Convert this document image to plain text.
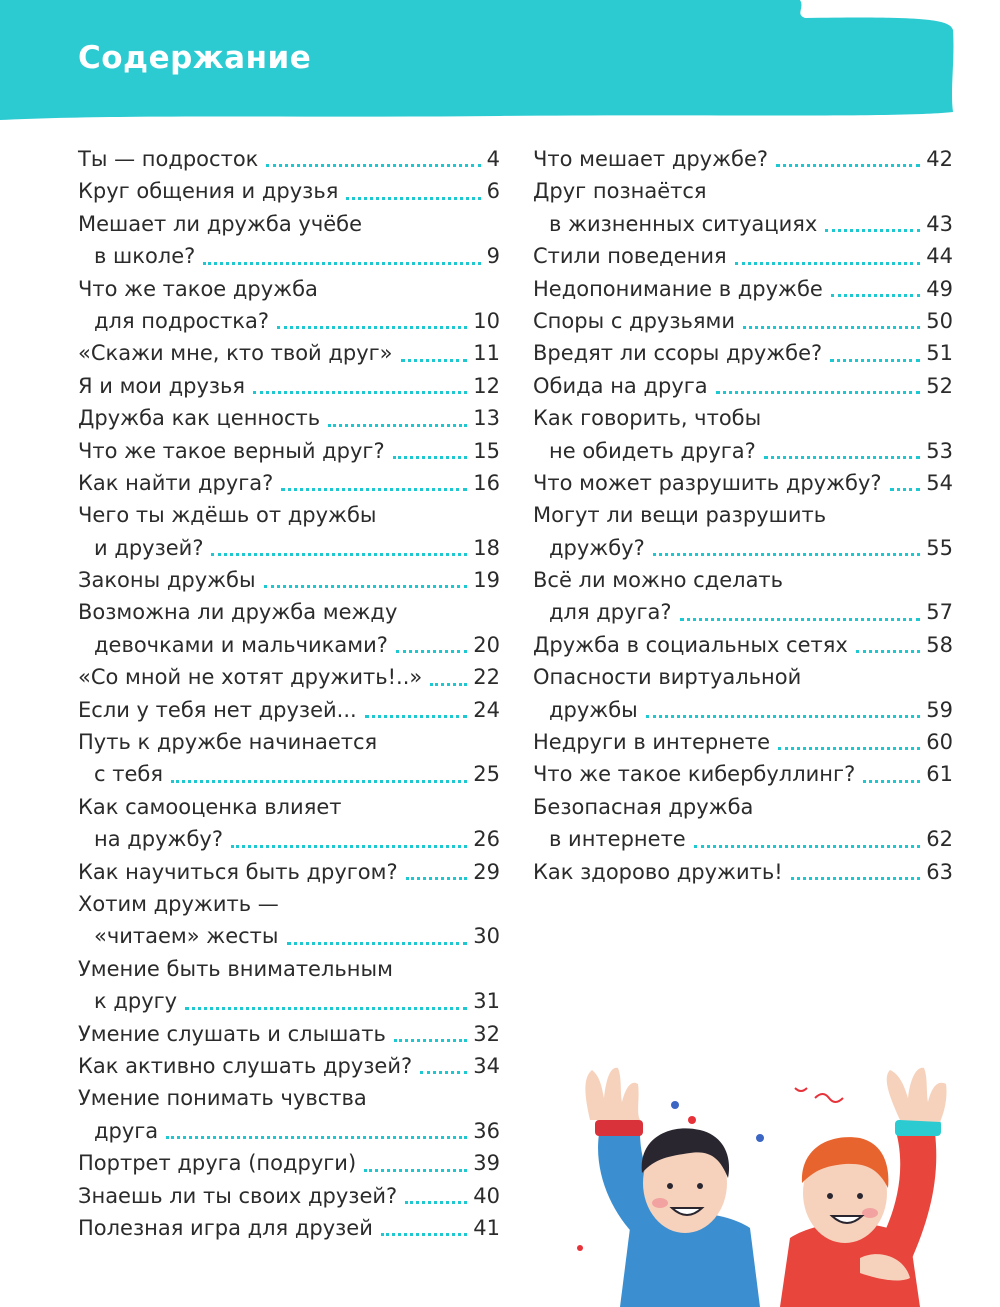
Содержание
Ты — подросток	4
Круг общения и друзья	6
Мешает ли дружба учёбе
в школе?	9
Что же такое дружба
для подростка?	10
«Скажи мне, кто твой друг»	11
Я и мои друзья	12
Дружба как ценность	13
Что же такое верный друг?	15
Как найти друга?	16
Чего ты ждёшь от дружбы
и друзей?	18
Законы дружбы	19
Возможна ли дружба между
девочками и мальчиками?	20
«Со мной не хотят дружить!..» 22
Если у тебя нет друзей...	24
Путь к дружбе начинается
с тебя	25
Как самооценка влияет
на дружбу?	26
Как научиться быть другом?	29
Хотим дружить —
«читаем» жесты	30
Умение быть внимательным
к другу	31
Умение слушать и слышать	32
Как активно слушать друзей?	34
Умение понимать чувства
друга	36
Портрет друга (подруги)	39
Знаешь ли ты своих друзей?	40
Полезная игра для друзей	41
Что мешает дружбе?	42
Друг познаётся
в жизненных ситуациях	43
Стили поведения	44
Недопонимание в дружбе	49
Споры с друзьями	50
Вредят ли ссоры дружбе?	51
Обида на друга	52
Как говорить, чтобы
не обидеть друга?	53
Что может разрушить дружбу? 54
Могут ли вещи разрушить
дружбу?	55
Всё ли можно сделать
для друга?	57
Дружба в социальных сетях	58
Опасности виртуальной
дружбы	59
Недруги в интернете	60
Что же такое кибербуллинг?	61
Безопасная дружба
в интернете	62
Как здорово дружить!	63
